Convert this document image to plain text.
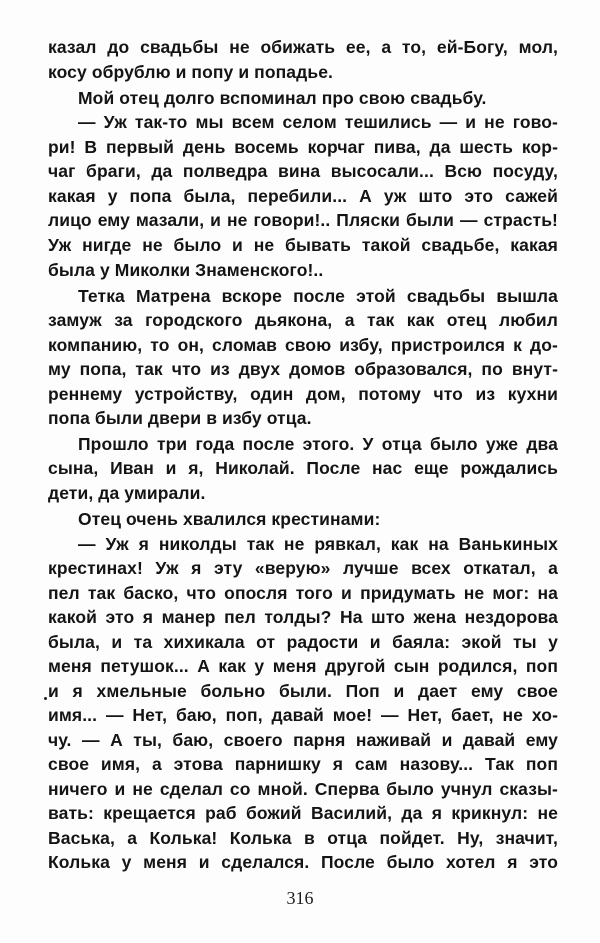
казал до свадьбы не обижать ее, а то, ей-Богу, мол,
косу обрублю и попу и попадье.
Мой отец долго вспоминал про свою свадьбу.
— Уж так-то мы всем селом тешились — и не гово-
ри! В первый день восемь корчаг пива, да шесть кор-
чаг браги, да полведра вина высосали... Всю посуду,
какая у попа была, перебили... А уж што это сажей
лицо ему мазали, и не говори!.. Пляски были — страсть!
Уж нигде не было и не бывать такой свадьбе, какая
была у Миколки Знаменского!..
Тетка Матрена вскоре после этой свадьбы вышла
замуж за городского дьякона, а так как отец любил
компанию, то он, сломав свою избу, пристроился к до-
му попа, так что из двух домов образовался, по внут-
реннему устройству, один дом, потому что из кухни
попа были двери в избу отца.
Прошло три года после этого. У отца было уже два
сына, Иван и я, Николай. После нас еще рождались
дети, да умирали.
Отец очень хвалился крестинами:
— Уж я николды так не рявкал, как на Ванькиных
крестинах! Уж я эту «верую» лучше всех откатал, а
пел так баско, что опосля того и придумать не мог: на
какой это я манер пел толды? На што жена нездорова
была, и та хихикала от радости и баяла: экой ты у
меня петушок... А как у меня другой сын родился, поп
и я хмельные больно были. Поп и дает ему свое
имя... — Нет, баю, поп, давай мое! — Нет, бает, не хо-
чу. — А ты, баю, своего парня наживай и давай ему
свое имя, а этова парнишку я сам назову... Так поп
ничего и не сделал со мной. Сперва было учнул сказы-
вать: крещается раб божий Василий, да я крикнул: не
Васька, а Колька! Колька в отца пойдет. Ну, значит,
Колька у меня и сделался. После было хотел я это
316
